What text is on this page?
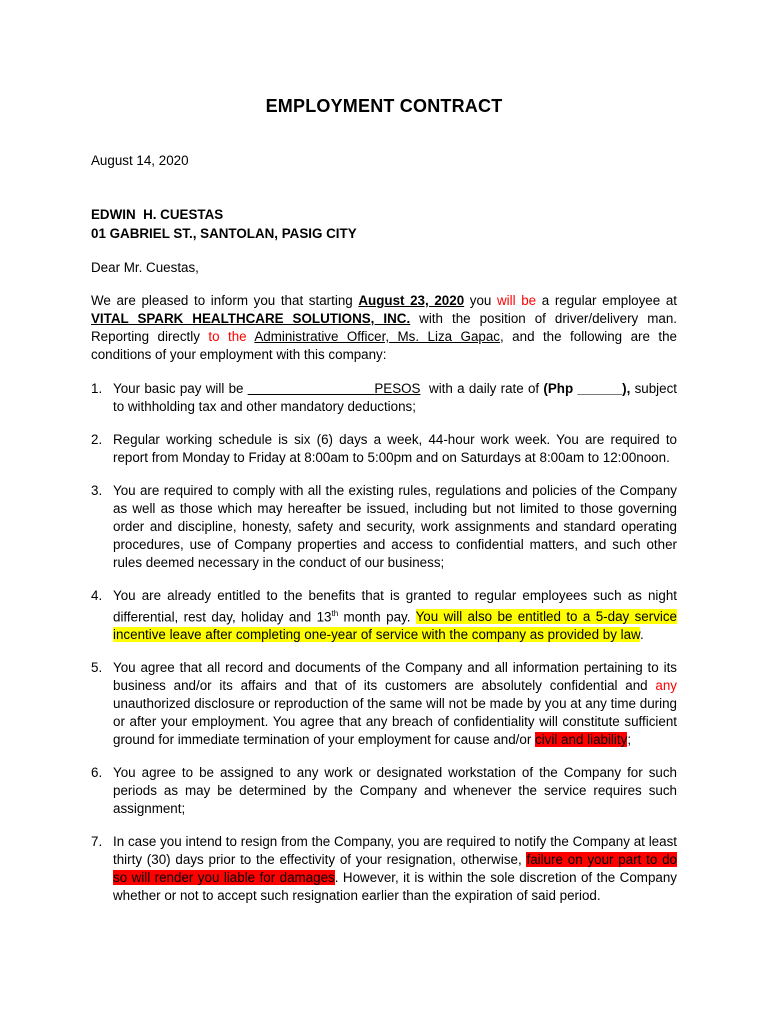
EMPLOYMENT CONTRACT
August 14, 2020
EDWIN  H. CUESTAS
01 GABRIEL ST., SANTOLAN, PASIG CITY
Dear Mr. Cuestas,
We are pleased to inform you that starting August 23, 2020 you will be a regular employee at VITAL SPARK HEALTHCARE SOLUTIONS, INC. with the position of driver/delivery man.  Reporting directly to the Administrative Officer, Ms. Liza Gapac, and the following are the conditions of your employment with this company:
1. Your basic pay will be _________________PESOS  with a daily rate of (Php ______), subject to withholding tax and other mandatory deductions;
2. Regular working schedule is six (6) days a week, 44-hour work week. You are required to report from Monday to Friday at 8:00am to 5:00pm and on Saturdays at 8:00am to 12:00noon.
3. You are required to comply with all the existing rules, regulations and policies of the Company as well as those which may hereafter be issued, including but not limited to those governing order and discipline, honesty, safety and security, work assignments and standard operating procedures, use of Company properties and access to confidential matters, and such other rules deemed necessary in the conduct of our business;
4. You are already entitled to the benefits that is granted to regular employees such as night differential, rest day, holiday and 13th month pay. You will also be entitled to a 5-day service incentive leave after completing one-year of service with the company as provided by law.
5. You agree that all record and documents of the Company and all information pertaining to its business and/or its affairs and that of its customers are absolutely confidential and any unauthorized disclosure or reproduction of the same will not be made by you at any time during or after your employment. You agree that any breach of confidentiality will constitute sufficient ground for immediate termination of your employment for cause and/or civil and liability;
6. You agree to be assigned to any work or designated workstation of the Company for such periods as may be determined by the Company and whenever the service requires such assignment;
7. In case you intend to resign from the Company, you are required to notify the Company at least thirty (30) days prior to the effectivity of your resignation, otherwise, failure on your part to do so will render you liable for damages. However, it is within the sole discretion of the Company whether or not to accept such resignation earlier than the expiration of said period.
